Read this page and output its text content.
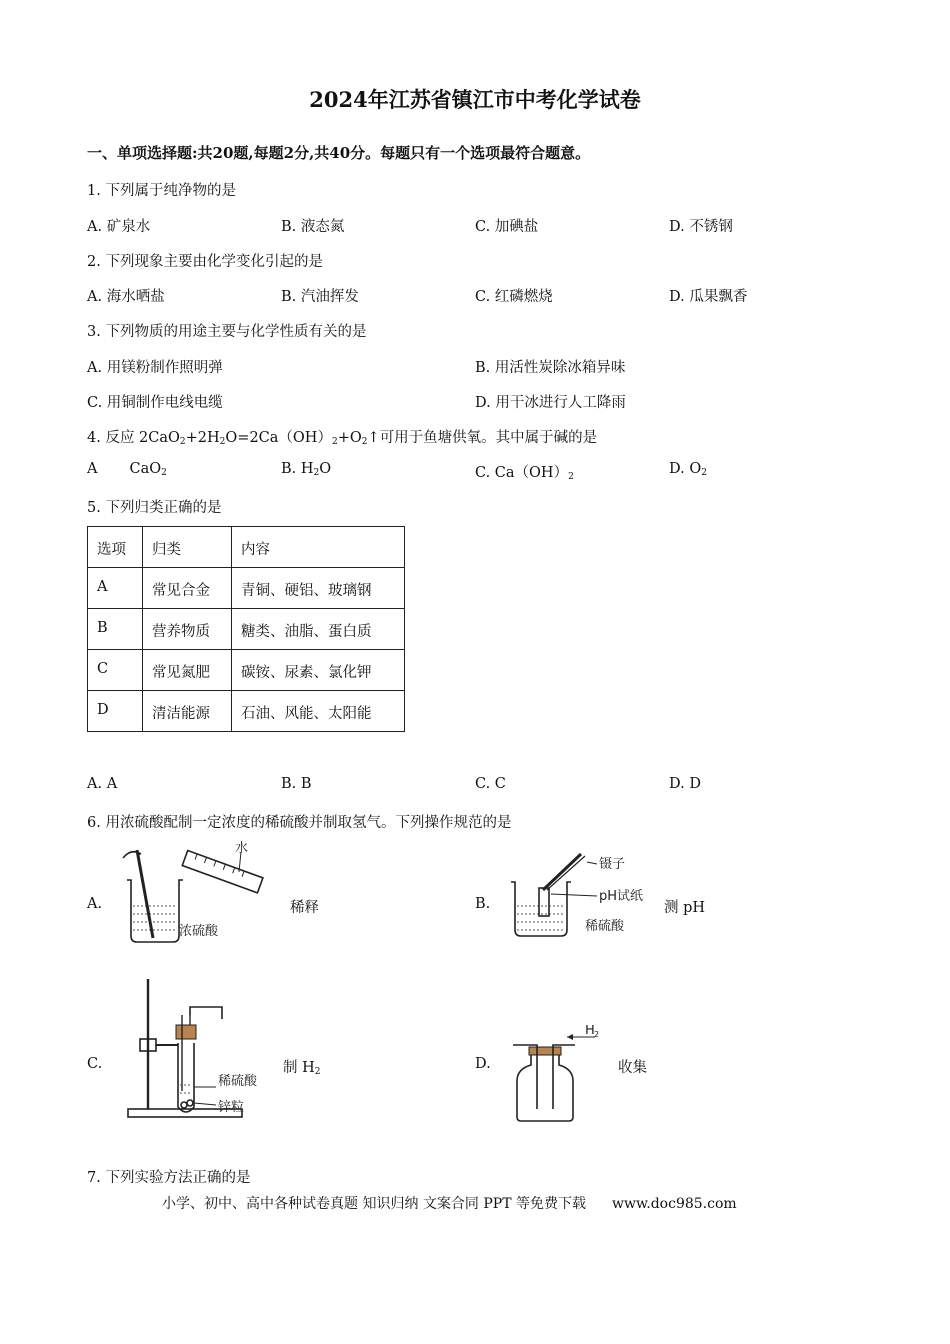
2024年江苏省镇江市中考化学试卷
一、单项选择题:共20题,每题2分,共40分。每题只有一个选项最符合题意。
1. 下列属于纯净物的是
A. 矿泉水	B. 液态氮	C. 加碘盐	D. 不锈钢
2. 下列现象主要由化学变化引起的是
A. 海水晒盐	B. 汽油挥发	C. 红磷燃烧	D. 瓜果飘香
3. 下列物质的用途主要与化学性质有关的是
A. 用镁粉制作照明弹	B. 用活性炭除冰箱异味
C. 用铜制作电线电缆	D. 用干冰进行人工降雨
4. 反应 $2CaO_2+2H_2O=2Ca(OH)_2+O_2↑$可用于鱼塘供氧。其中属于碱的是
A CaO$_2$	B. $H_2O$	C. $Ca(OH)_2$	D. $O_2$
5. 下列归类正确的是
选项	归类	内容
A	常见合金	青铜、硬铝、玻璃钢
B	营养物质	糖类、油脂、蛋白质
C	常见氮肥	碳铵、尿素、氯化钾
D	清洁能源	石油、风能、太阳能
A. A	B. B	C. C	D. D
6. 用浓硫酸配制一定浓度的稀硫酸并制取氢气。下列操作规范的是
A.
水
浓硫酸
稀释	B.
镊子
pH试纸
稀硫酸
测 pH
C.
稀硫酸
锌粒
制 $H_2$	D.
H 2
收集
7. 下列实验方法正确的是
小学、初中、高中各种试卷真题 知识归纳 文案合同 PPT 等免费下载 www.doc985.com
